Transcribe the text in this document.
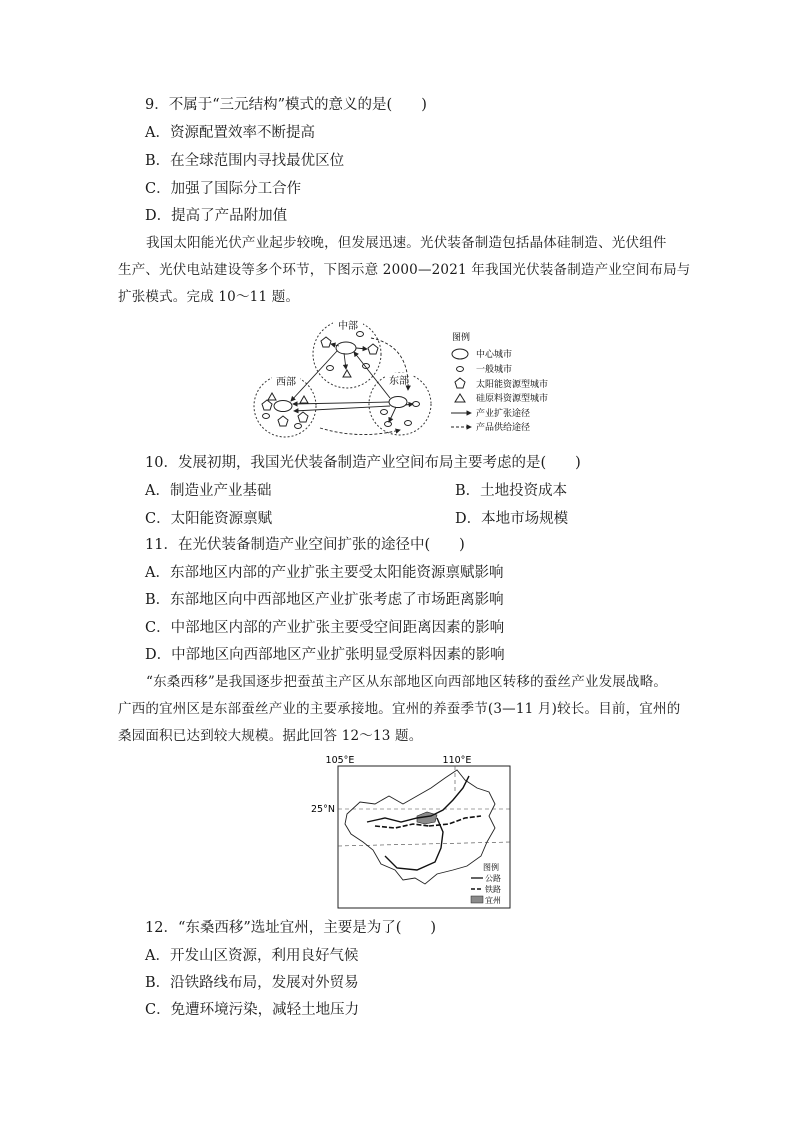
9．不属于“三元结构”模式的意义的是(　　)
A．资源配置效率不断提高
B．在全球范围内寻找最优区位
C．加强了国际分工合作
D．提高了产品附加值
我国太阳能光伏产业起步较晚，但发展迅速。光伏装备制造包括晶体硅制造、光伏组件
生产、光伏电站建设等多个环节，下图示意 2000—2021 年我国光伏装备制造产业空间布局与
扩张模式。完成 10～11 题。
中部
西部	东部
图例
中心城市
一般城市
太阳能资源型城市
硅原料资源型城市
产业扩张途径
产品供给途径
10．发展初期，我国光伏装备制造产业空间布局主要考虑的是(　　)
A．制造业产业基础	B．土地投资成本
C．太阳能资源禀赋	D．本地市场规模
11．在光伏装备制造产业空间扩张的途径中(　　)
A．东部地区内部的产业扩张主要受太阳能资源禀赋影响
B．东部地区向中西部地区产业扩张考虑了市场距离影响
C．中部地区内部的产业扩张主要受空间距离因素的影响
D．中部地区向西部地区产业扩张明显受原料因素的影响
“东桑西移”是我国逐步把蚕茧主产区从东部地区向西部地区转移的蚕丝产业发展战略。
广西的宜州区是东部蚕丝产业的主要承接地。宜州的养蚕季节(3—11 月)较长。目前，宜州的
桑园面积已达到较大规模。据此回答 12～13 题。
105°E	110°E
25°N
图例
公路
铁路
宜州
12．“东桑西移”选址宜州，主要是为了(　　)
A．开发山区资源，利用良好气候
B．沿铁路线布局，发展对外贸易
C．免遭环境污染，减轻土地压力
